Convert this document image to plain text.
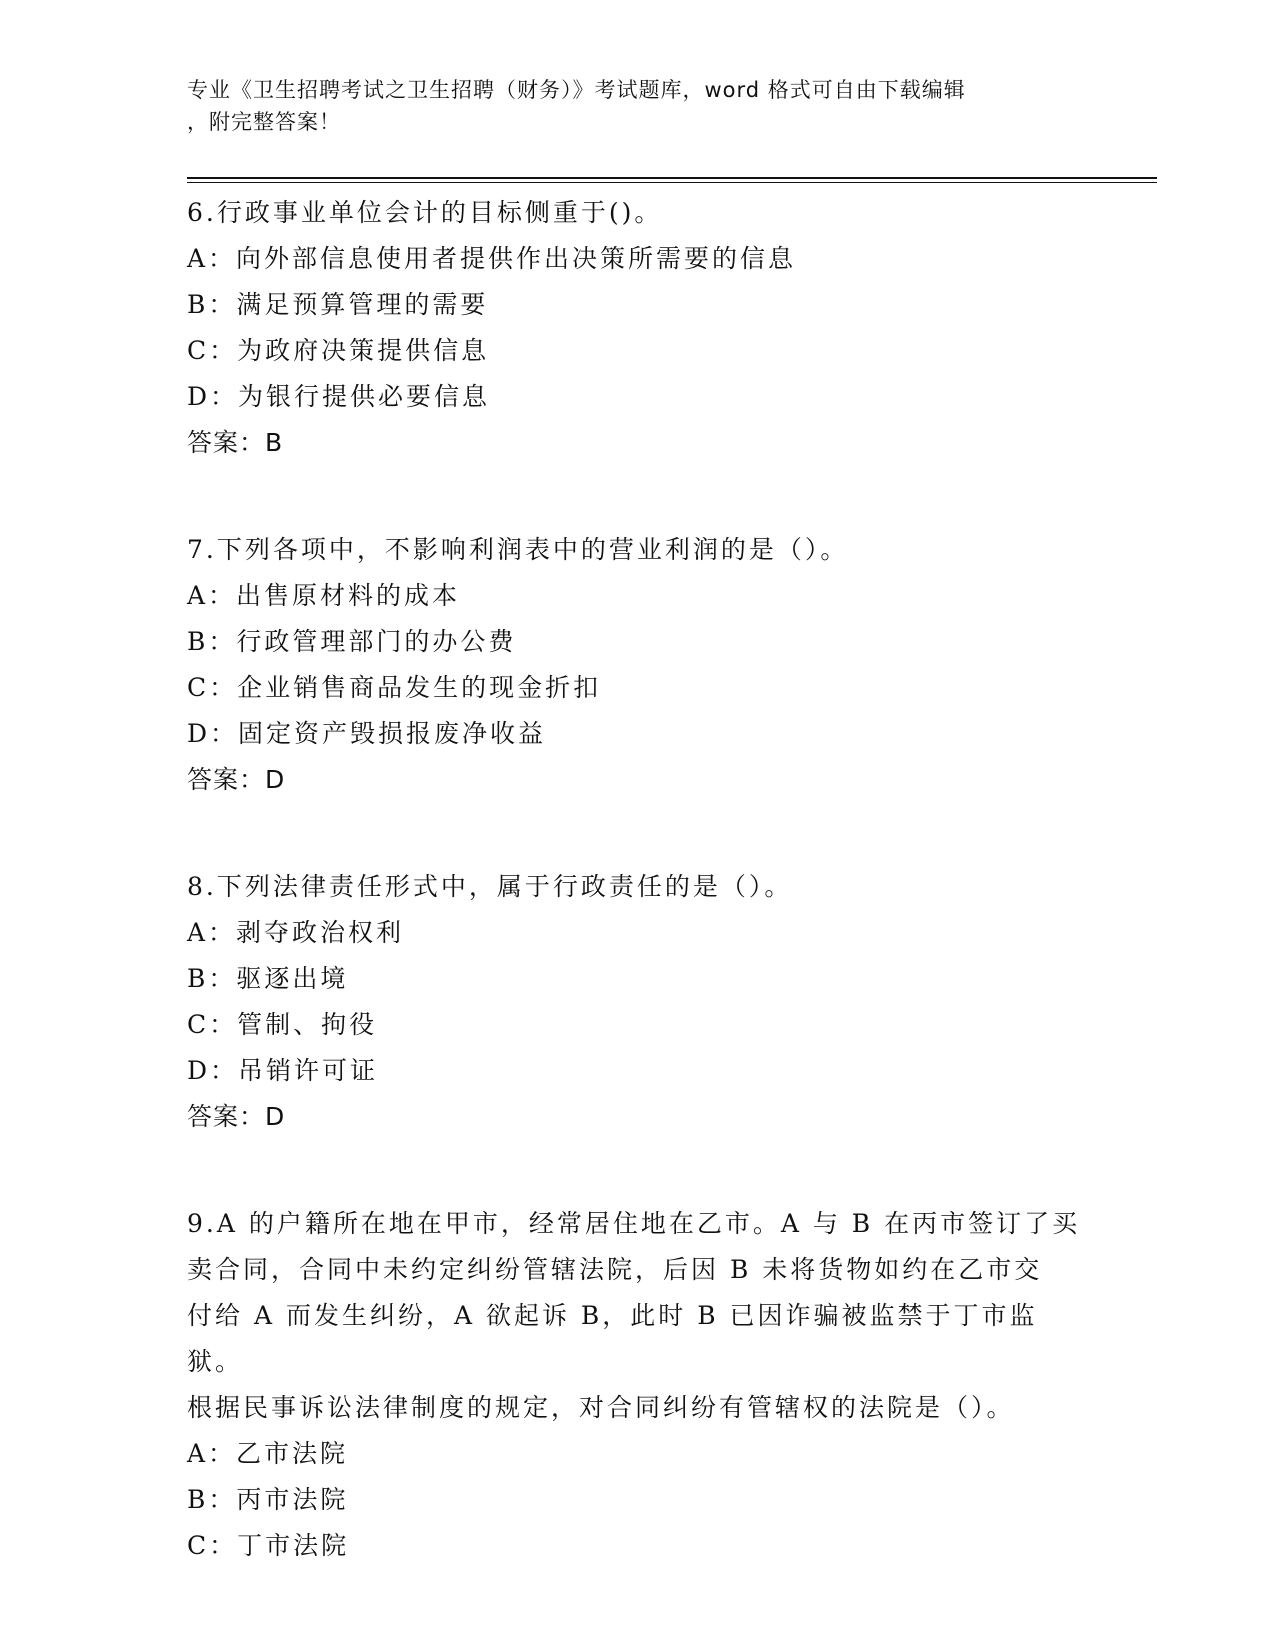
专业《卫生招聘考试之卫生招聘（财务）》考试题库，word 格式可自由下载编辑
，附完整答案！
6.行政事业单位会计的目标侧重于()。
A：向外部信息使用者提供作出决策所需要的信息
B：满足预算管理的需要
C：为政府决策提供信息
D：为银行提供必要信息
答案：B
7.下列各项中，不影响利润表中的营业利润的是（）。
A：出售原材料的成本
B：行政管理部门的办公费
C：企业销售商品发生的现金折扣
D：固定资产毁损报废净收益
答案：D
8.下列法律责任形式中，属于行政责任的是（）。
A：剥夺政治权利
B：驱逐出境
C：管制、拘役
D：吊销许可证
答案：D
9.A 的户籍所在地在甲市，经常居住地在乙市。A 与 B 在丙市签订了买
卖合同，合同中未约定纠纷管辖法院，后因 B 未将货物如约在乙市交
付给 A 而发生纠纷，A 欲起诉 B，此时 B 已因诈骗被监禁于丁市监狱。
根据民事诉讼法律制度的规定，对合同纠纷有管辖权的法院是（）。
A：乙市法院
B：丙市法院
C：丁市法院
